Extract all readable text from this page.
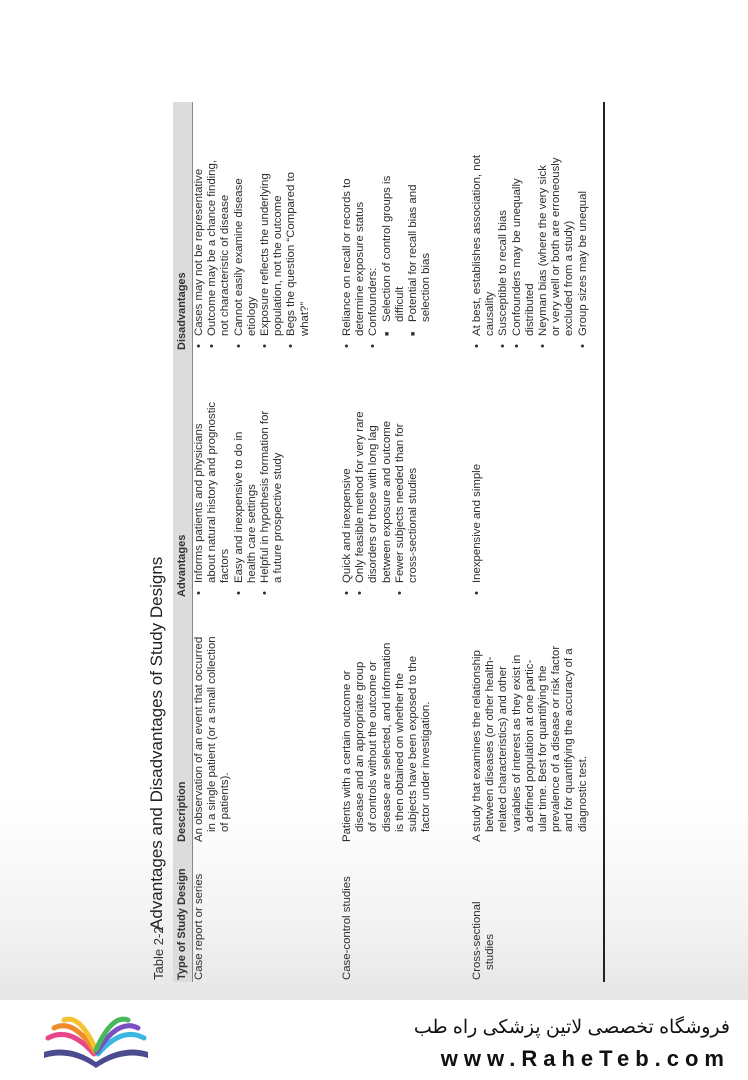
Table 2-2
Advantages and Disadvantages of Study Designs Type of Study Design
Description
Advantages
Disadvantages
Case report or series
An observation of an event that occurred in a single patient (or a small collection of patients).
• Informs patients and physicians about natural history and prognostic factors • Easy and inexpensive to do in health care settings • Helpful in hypothesis formation for a future prospective study
• Cases may not be representative • Outcome may be a chance finding, not characteristic of disease • Cannot easily examine disease etiology • Exposure reflects the underlying population, not the outcome • Begs the question “Compared to what?”
Case-control studies
Patients with a certain outcome or disease and an appropriate group of controls without the outcome or disease are selected, and information is then obtained on whether the subjects have been exposed to the factor under investigation.
• Quick and inexpensive • Only feasible method for very rare disorders or those with long lag between exposure and outcome • Fewer subjects needed than for cross-sectional studies
• Reliance on recall or records to determine exposure status • Confounders: ■ Selection of control groups is difficult ■ Potential for recall bias and selection bias
Cross-sectional studies
A study that examines the relationship between diseases (or other health- related characteristics) and other variables of interest as they exist in a defined population at one partic- ular time. Best for quantifying the prevalence of a disease or risk factor and for quantifying the accuracy of a diagnostic test.
• Inexpensive and simple
• At best, establishes association, not causality • Susceptible to recall bias • Confounders may be unequally distributed • Neyman bias (where the very sick or very well or both are erroneously excluded from a study) • Group sizes may be unequal
فروشگاه تخصصی لاتین پزشکی راه طب
www.RaheTeb.com
